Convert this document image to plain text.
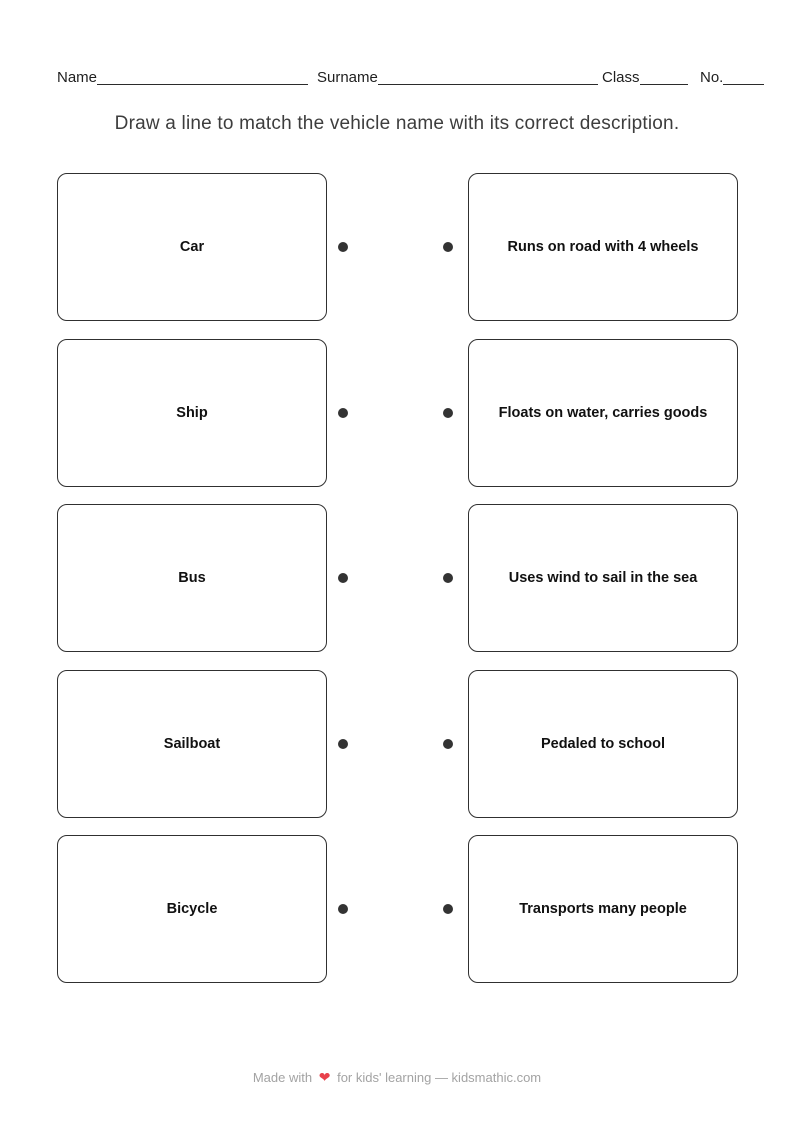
Name	Surname	Class	No.
Draw a line to match the vehicle name with its correct description.
Car	Runs on road with 4 wheels
Ship	Floats on water, carries goods
Bus	Uses wind to sail in the sea
Sailboat	Pedaled to school
Bicycle	Transports many people
Made with ❤ for kids' learning — kidsmathic.com
